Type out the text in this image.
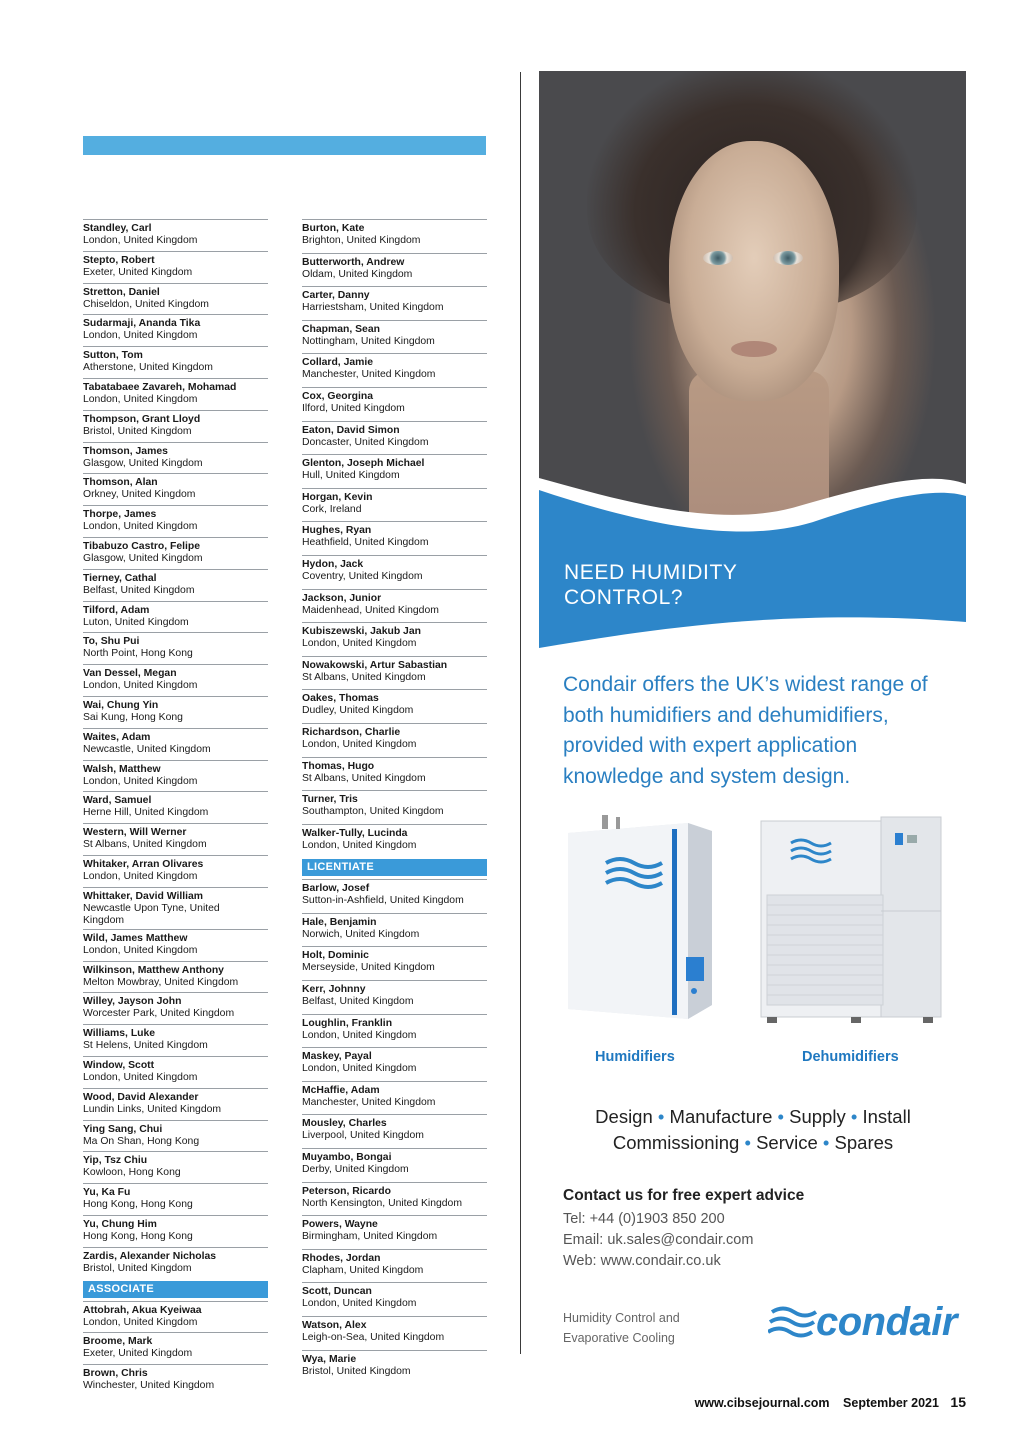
Standley, Carl
London, United Kingdom
Stepto, Robert
Exeter, United Kingdom
Stretton, Daniel
Chiseldon, United Kingdom
Sudarmaji, Ananda Tika
London, United Kingdom
Sutton, Tom
Atherstone, United Kingdom
Tabatabaee Zavareh, Mohamad
London, United Kingdom
Thompson, Grant Lloyd
Bristol, United Kingdom
Thomson, James
Glasgow, United Kingdom
Thomson, Alan
Orkney, United Kingdom
Thorpe, James
London, United Kingdom
Tibabuzo Castro, Felipe
Glasgow, United Kingdom
Tierney, Cathal
Belfast, United Kingdom
Tilford, Adam
Luton, United Kingdom
To, Shu Pui
North Point, Hong Kong
Van Dessel, Megan
London, United Kingdom
Wai, Chung Yin
Sai Kung, Hong Kong
Waites, Adam
Newcastle, United Kingdom
Walsh, Matthew
London, United Kingdom
Ward, Samuel
Herne Hill, United Kingdom
Western, Will Werner
St Albans, United Kingdom
Whitaker, Arran Olivares
London, United Kingdom
Whittaker, David William
Newcastle Upon Tyne, United Kingdom
Wild, James Matthew
London, United Kingdom
Wilkinson, Matthew Anthony
Melton Mowbray, United Kingdom
Willey, Jayson John
Worcester Park, United Kingdom
Williams, Luke
St Helens, United Kingdom
Window, Scott
London, United Kingdom
Wood, David Alexander
Lundin Links, United Kingdom
Ying Sang, Chui
Ma On Shan, Hong Kong
Yip, Tsz Chiu
Kowloon, Hong Kong
Yu, Ka Fu
Hong Kong, Hong Kong
Yu, Chung Him
Hong Kong, Hong Kong
Zardis, Alexander Nicholas
Bristol, United Kingdom
ASSOCIATE
Attobrah, Akua Kyeiwaa
London, United Kingdom
Broome, Mark
Exeter, United Kingdom
Brown, Chris
Winchester, United Kingdom
Burton, Kate
Brighton, United Kingdom
Butterworth, Andrew
Oldam, United Kingdom
Carter, Danny
Harriestsham, United Kingdom
Chapman, Sean
Nottingham, United Kingdom
Collard, Jamie
Manchester, United Kingdom
Cox, Georgina
Ilford, United Kingdom
Eaton, David Simon
Doncaster, United Kingdom
Glenton, Joseph Michael
Hull, United Kingdom
Horgan, Kevin
Cork, Ireland
Hughes, Ryan
Heathfield, United Kingdom
Hydon, Jack
Coventry, United Kingdom
Jackson, Junior
Maidenhead, United Kingdom
Kubiszewski, Jakub Jan
London, United Kingdom
Nowakowski, Artur Sabastian
St Albans, United Kingdom
Oakes, Thomas
Dudley, United Kingdom
Richardson, Charlie
London, United Kingdom
Thomas, Hugo
St Albans, United Kingdom
Turner, Tris
Southampton, United Kingdom
Walker-Tully, Lucinda
London, United Kingdom
LICENTIATE
Barlow, Josef
Sutton-in-Ashfield, United Kingdom
Hale, Benjamin
Norwich, United Kingdom
Holt, Dominic
Merseyside, United Kingdom
Kerr, Johnny
Belfast, United Kingdom
Loughlin, Franklin
London, United Kingdom
Maskey, Payal
London, United Kingdom
McHaffie, Adam
Manchester, United Kingdom
Mousley, Charles
Liverpool, United Kingdom
Muyambo, Bongai
Derby, United Kingdom
Peterson, Ricardo
North Kensington, United Kingdom
Powers, Wayne
Birmingham, United Kingdom
Rhodes, Jordan
Clapham, United Kingdom
Scott, Duncan
London, United Kingdom
Watson, Alex
Leigh-on-Sea, United Kingdom
Wya, Marie
Bristol, United Kingdom
NEED HUMIDITY
CONTROL?
Condair offers the UK’s widest range of both humidifiers and dehumidifiers, provided with expert application knowledge and system design.
Humidifiers	Dehumidifiers
Design • Manufacture • Supply • Install
Commissioning • Service • Spares
Contact us for free expert advice
Tel: +44 (0)1903 850 200
Email: uk.sales@condair.com
Web: www.condair.co.uk
Humidity Control and Evaporative Cooling	condair
www.cibsejournal.com September 2021 15
